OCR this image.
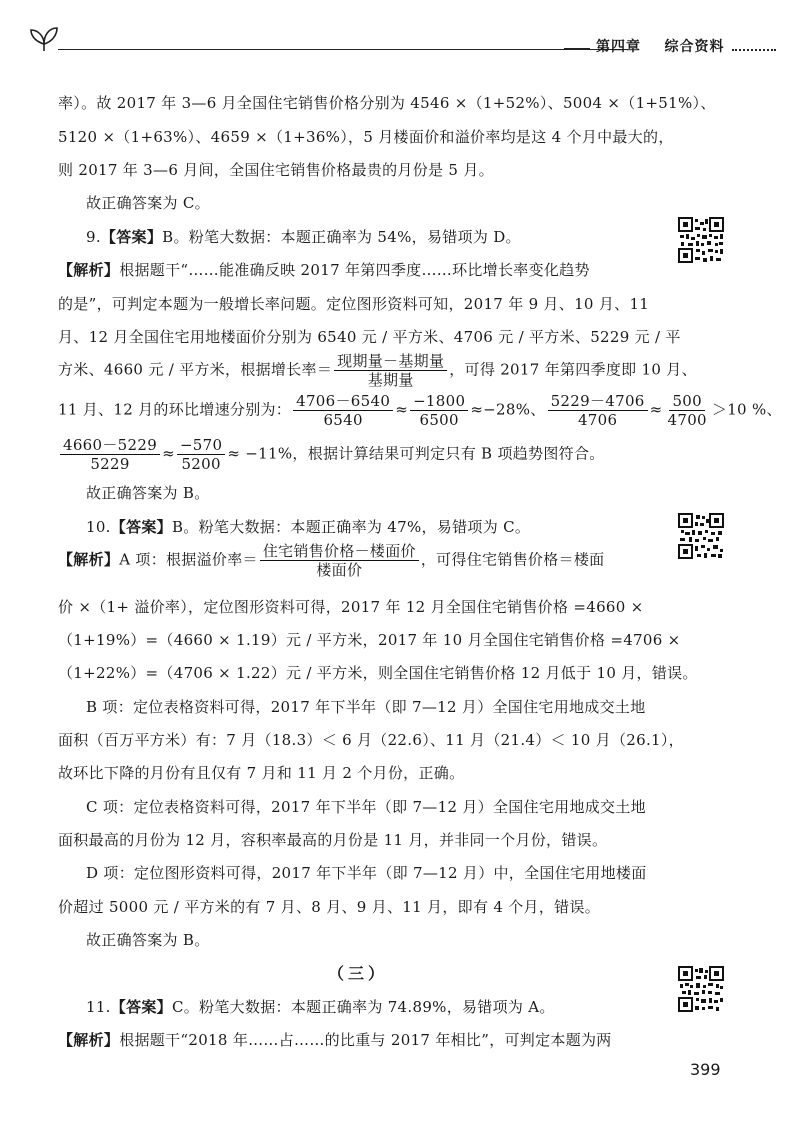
第四章 综合资料
率）。故 2017 年 3—6 月全国住宅销售价格分别为 4546 ×（1+52%）、5004 ×（1+51%）、
5120 ×（1+63%）、4659 ×（1+36%），5 月楼面价和溢价率均是这 4 个月中最大的，
则 2017 年 3—6 月间，全国住宅销售价格最贵的月份是 5 月。
故正确答案为 C。
9.【答案】B。粉笔大数据：本题正确率为 54%，易错项为 D。
【解析】根据题干“……能准确反映 2017 年第四季度……环比增长率变化趋势
的是”，可判定本题为一般增长率问题。定位图形资料可知，2017 年 9 月、10 月、11
月、12 月全国住宅用地楼面价分别为 6540 元 / 平方米、4706 元 / 平方米、5229 元 / 平
方米、4660 元 / 平方米，根据增长率＝ $\frac{\text{现期量－基期量}}{\text{基期量}}$ ，可得 2017 年第四季度即 10 月、
11 月、12 月的环比增速分别为： $\frac{4706-6540}{6540} \approx \frac{-1800}{6500} \approx-28\%$、 $\frac{5229-4706}{4706} \approx \frac{500}{4700} >10$ %、
$\frac{4660-5229}{5229} \approx \frac{-570}{5200} \approx -11\%$，根据计算结果可判定只有 B 项趋势图符合。
故正确答案为 B。
10.【答案】B。粉笔大数据：本题正确率为 47%，易错项为 C。
【解析】A 项：根据溢价率＝ $\frac{\text{住宅销售价格－楼面价}}{\text{楼面价}}$ ，可得住宅销售价格＝楼面
价 ×（1+ 溢价率），定位图形资料可得，2017 年 12 月全国住宅销售价格 =4660 ×
（1+19%）=（4660 × 1.19）元 / 平方米，2017 年 10 月全国住宅销售价格 =4706 ×
（1+22%）=（4706 × 1.22）元 / 平方米，则全国住宅销售价格 12 月低于 10 月，错误。
B 项：定位表格资料可得，2017 年下半年（即 7—12 月）全国住宅用地成交土地
面积（百万平方米）有：7 月（18.3）＜ 6 月（22.6）、11 月（21.4）＜ 10 月（26.1），
故环比下降的月份有且仅有 7 月和 11 月 2 个月份，正确。
C 项：定位表格资料可得，2017 年下半年（即 7—12 月）全国住宅用地成交土地
面积最高的月份为 12 月，容积率最高的月份是 11 月，并非同一个月份，错误。
D 项：定位图形资料可得，2017 年下半年（即 7—12 月）中，全国住宅用地楼面
价超过 5000 元 / 平方米的有 7 月、8 月、9 月、11 月，即有 4 个月，错误。
故正确答案为 B。
（三）
11.【答案】C。粉笔大数据：本题正确率为 74.89%，易错项为 A。
【解析】根据题干“2018 年……占……的比重与 2017 年相比”，可判定本题为两
399
